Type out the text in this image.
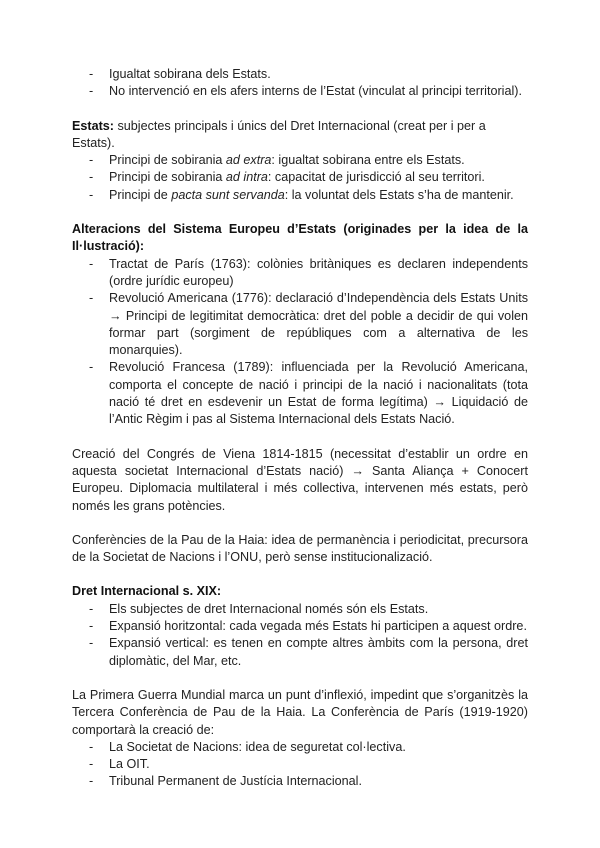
- Igualtat sobirana dels Estats.
- No intervenció en els afers interns de l’Estat (vinculat al principi territorial).

Estats: subjectes principals i únics del Dret Internacional (creat per i per a Estats).

- Principi de sobirania ad extra: igualtat sobirana entre els Estats.
- Principi de sobirania ad intra: capacitat de jurisdicció al seu territori.
- Principi de pacta sunt servanda: la voluntat dels Estats s’ha de mantenir.

Alteracions del Sistema Europeu d’Estats (originades per la idea de la Il·lustració):

- Tractat de París (1763): colònies britàniques es declaren independents (ordre jurídic europeu)
- Revolució Americana (1776): declaració d’Independència dels Estats Units → Principi de legitimitat democràtica: dret del poble a decidir de qui volen formar part (sorgiment de repúbliques com a alternativa de les monarquies).
- Revolució Francesa (1789): influenciada per la Revolució Americana, comporta el concepte de nació i principi de la nació i nacionalitats (tota nació té dret en esdevenir un Estat de forma legítima) → Liquidació de l’Antic Règim i pas al Sistema Internacional dels Estats Nació.

Creació del Congrés de Viena 1814-1815 (necessitat d’establir un ordre en aquesta societat Internacional d’Estats nació) → Santa Aliança + Conocert Europeu. Diplomacia multilateral i més collectiva, intervenen més estats, però només les grans potències.

Conferències de la Pau de la Haia: idea de permanència i periodicitat, precursora de la Societat de Nacions i l’ONU, però sense institucionalizació.

Dret Internacional s. XIX:

- Els subjectes de dret Internacional només són els Estats.
- Expansió horitzontal: cada vegada més Estats hi participen a aquest ordre.
- Expansió vertical: es tenen en compte altres àmbits com la persona, dret diplomàtic, del Mar, etc.

La Primera Guerra Mundial marca un punt d’inflexió, impedint que s’organitzès la Tercera Conferència de Pau de la Haia. La Conferència de París (1919-1920) comportarà la creació de:

- La Societat de Nacions: idea de seguretat col·lectiva.
- La OIT.
- Tribunal Permanent de Justícia Internacional.
